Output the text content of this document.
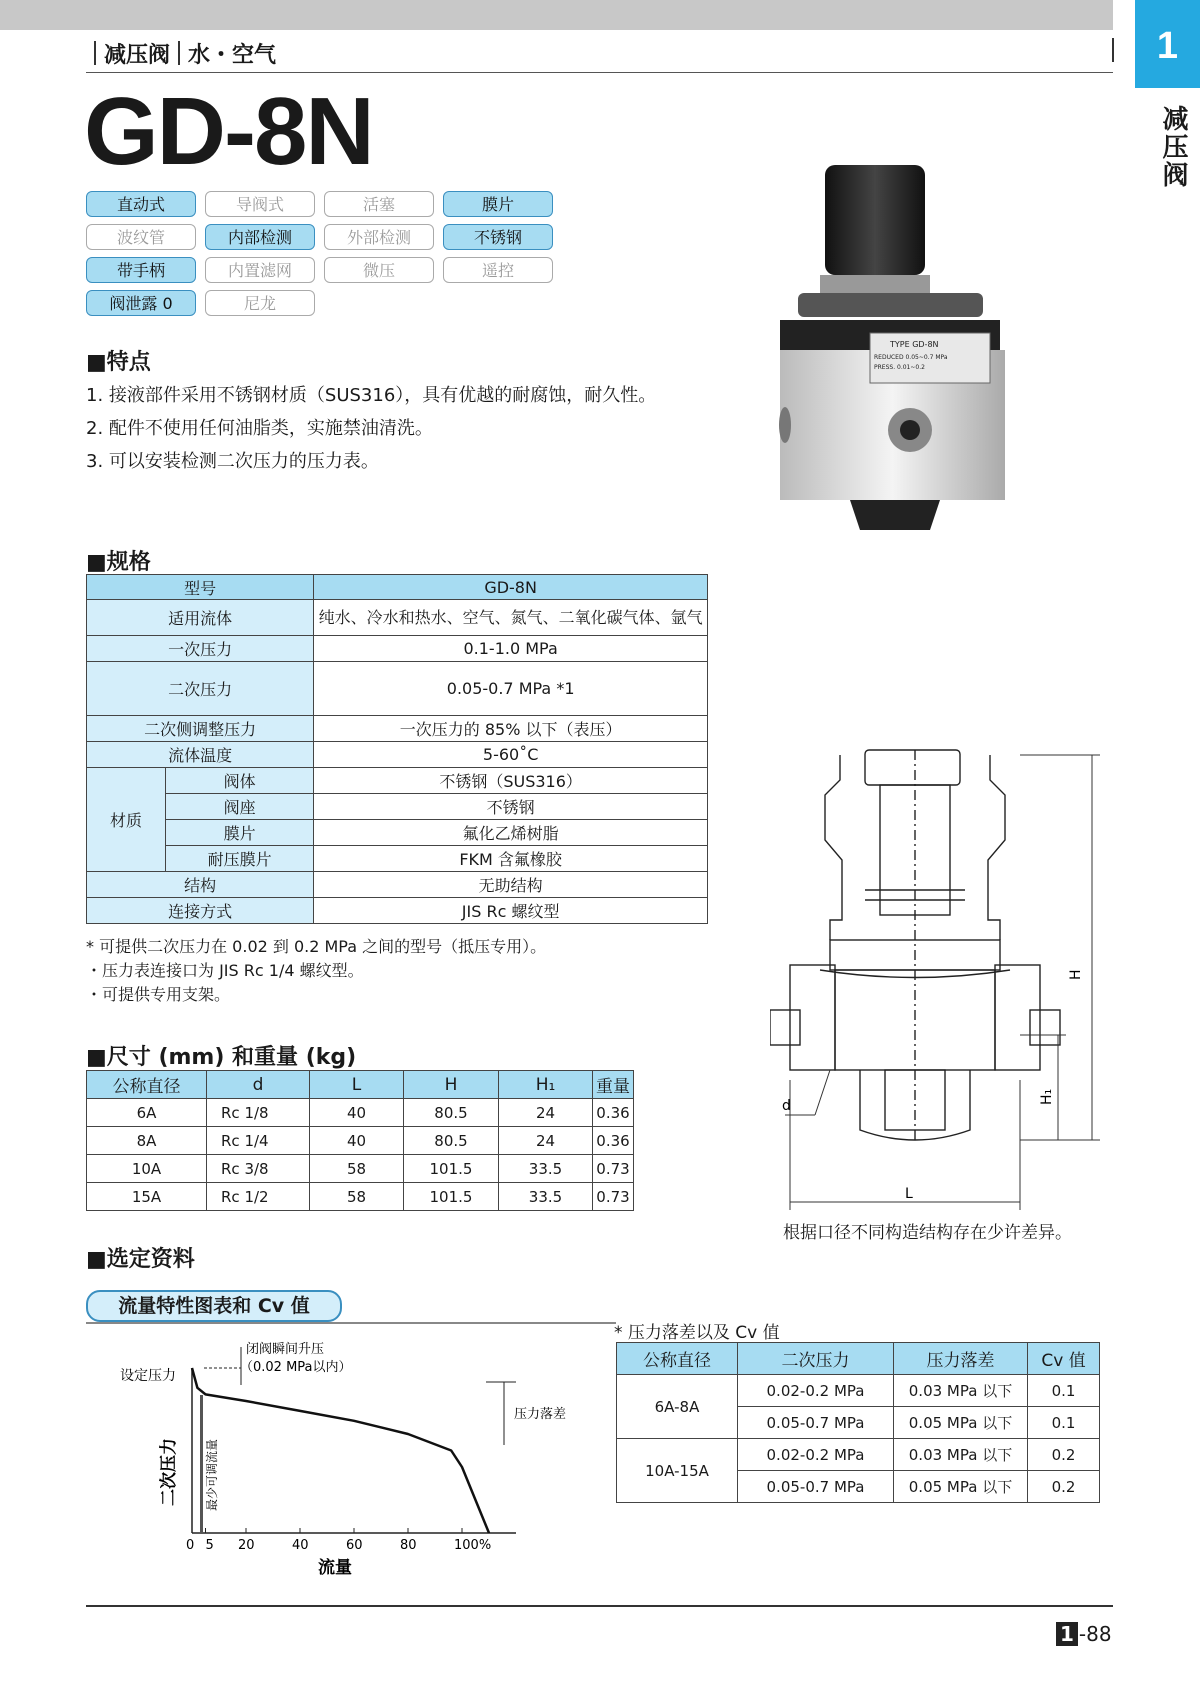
1
减压阀
减压阀 水・空气
GD-8N
直动式	导阀式	活塞	膜片
波纹管	内部检测	外部检测	不锈钢
带手柄	内置滤网	微压	遥控
阀泄露 0	尼龙
■特点
1. 接液部件采用不锈钢材质（SUS316），具有优越的耐腐蚀，耐久性。
2. 配件不使用任何油脂类，实施禁油清洗。
3. 可以安装检测二次压力的压力表。
TYPE GD-8N
REDUCED 0.05~0.7 MPa
PRESS. 0.01~0.2
■规格
型号		GD-8N
适用流体		纯水、冷水和热水、空气、氮气、二氧化碳气体、氩气
一次压力		0.1-1.0 MPa
二次压力		0.05-0.7 MPa *1
二次侧调整压力		一次压力的 85% 以下（表压）
流体温度		5-60˚C
材质	阀体	不锈钢（SUS316）
	阀座	不锈钢
	膜片	氟化乙烯树脂
	耐压膜片	FKM 含氟橡胶
结构		无助结构
连接方式		JIS Rc 螺纹型
* 可提供二次压力在 0.02 到 0.2 MPa 之间的型号（抵压专用）。
・压力表连接口为 JIS Rc 1/4 螺纹型。
・可提供专用支架。
■尺寸 (mm) 和重量 (kg)
公称直径	d	L	H	H₁	重量
6A	Rc 1/8	40	80.5	24	0.36
8A	Rc 1/4	40	80.5	24	0.36
10A	Rc 3/8	58	101.5	33.5	0.73
15A	Rc 1/2	58	101.5	33.5	0.73
H
H₁
L
d
根据口径不同构造结构存在少许差异。
■选定资料
流量特性图表和 Cv 值
0 5 20	40	60	80	100%
设定压力
闭阀瞬间升压
（0.02 MPa以内）
压力落差
最少可调流量
二次压力
流量
* 压力落差以及 Cv 值
公称直径	二次压力	压力落差	Cv 值
6A-8A	0.02-0.2 MPa	0.03 MPa 以下	0.1
	0.05-0.7 MPa	0.05 MPa 以下	0.1
10A-15A	0.02-0.2 MPa	0.03 MPa 以下	0.2
	0.05-0.7 MPa	0.05 MPa 以下	0.2
1 -88
